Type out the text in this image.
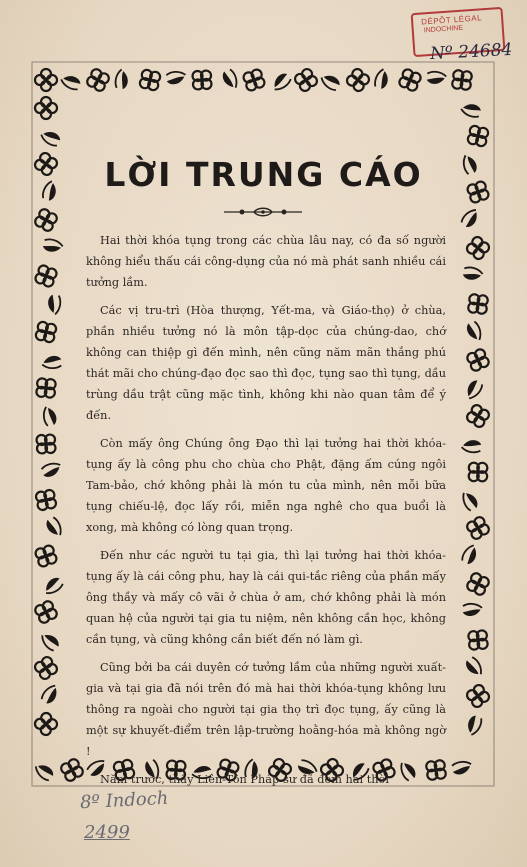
DÉPÔT LÉGAL
INDOCHINE
Nº 24684
LỜI TRUNG CÁO

Hai thời khóa tụng trong các chùa lâu nay, có đa số người không hiểu thấu cái công-dụng của nó mà phát sanh nhiều cái tưởng lầm.

Các vị tru-trì (Hòa thượng, Yết-ma, và Giáo-thọ) ở chùa, phần nhiều tưởng nó là môn tập-dọc của chúng-dao, chớ không can thiệp gì đến mình, nên cũng năm mãn thắng phú thát mãi cho chúng-đạo đọc sao thì đọc, tụng sao thì tụng, dầu trùng dầu trật cũng mặc tình, không khi nào quan tâm để ý đến.

Còn mấy ông Chúng ông Đạo thì lại tưởng hai thời khóa-tụng ấy là công phu cho chùa cho Phật, đặng ấm cúng ngôi Tam-bảo, chớ không phải là món tu của mình, nên mỗi bữa tụng chiếu-lệ, đọc lấy rồi, miễn nga nghê cho qua buổi là xong, mà không có lòng quan trọng.

Đến như các người tu tại gia, thì lại tưởng hai thời khóa-tụng ấy là cái công phu, hay là cái qui-tắc riêng của phần mấy ông thầy và mấy cô vãi ở chùa ở am, chớ không phải là món quan hệ của người tại gia tu niệm, nên không cần học, không cần tụng, và cũng không cần biết đến nó làm gì.

Cũng bởi ba cái duyên cớ tưởng lầm của những người xuất-gia và tại gia đã nói trên đó mà hai thời khóa-tụng không lưu thông ra ngoài cho người tại gia thọ trì đọc tụng, ấy cũng là một sự khuyết-điểm trên lập-trường hoằng-hóa mà không ngờ !

Năm trước, thầy Liên-Tôn Pháp-sư đã đem hai thời

8º Indoch
2499
